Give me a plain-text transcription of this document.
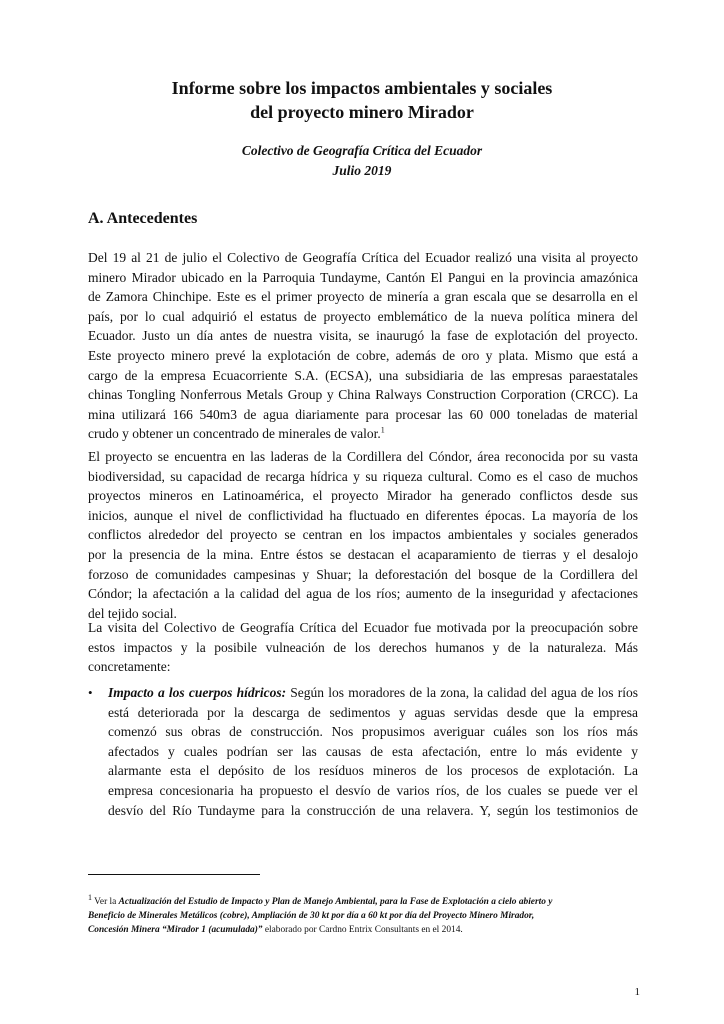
Informe sobre los impactos ambientales y sociales
del proyecto minero Mirador
Colectivo de Geografía Crítica del Ecuador
Julio 2019
A. Antecedentes
Del 19 al 21 de julio el Colectivo de Geografía Crítica del Ecuador realizó una visita al proyecto
minero Mirador ubicado en la Parroquia Tundayme, Cantón El Pangui en la provincia amazónica
de Zamora Chinchipe. Este es el primer proyecto de minería a gran escala que se desarrolla en el
país, por lo cual adquirió el estatus de proyecto emblemático de la nueva política minera del
Ecuador. Justo un día antes de nuestra visita, se inaurugó la fase de explotación del proyecto.
Este proyecto minero prevé la explotación de cobre, además de oro y plata. Mismo que está a
cargo de la empresa Ecuacorriente S.A. (ECSA), una subsidiaria de las empresas paraestatales
chinas Tongling Nonferrous Metals Group y China Ralways Construction Corporation (CRCC). La
mina utilizará 166 540m3 de agua diariamente para procesar las 60 000 toneladas de material
crudo y obtener un concentrado de minerales de valor.$^1$
El proyecto se encuentra en las laderas de la Cordillera del Cóndor, área reconocida por su vasta
biodiversidad, su capacidad de recarga hídrica y su riqueza cultural. Como es el caso de muchos
proyectos mineros en Latinoamérica, el proyecto Mirador ha generado conflictos desde sus
inicios, aunque el nivel de conflictividad ha fluctuado en diferentes épocas. La mayoría de los
conflictos alrededor del proyecto se centran en los impactos ambientales y sociales generados
por la presencia de la mina. Entre éstos se destacan el acaparamiento de tierras y el desalojo
forzoso de comunidades campesinas y Shuar; la deforestación del bosque de la Cordillera del
Cóndor; la afectación a la calidad del agua de los ríos; aumento de la inseguridad y afectaciones
del tejido social.
La visita del Colectivo de Geografía Crítica del Ecuador fue motivada por la preocupación sobre
estos impactos y la posibile vulneación de los derechos humanos y de la naturaleza. Más
concretamente:
•	Impacto a los cuerpos hídricos: Según los moradores de la zona, la calidad del agua de los ríos
está deteriorada por la descarga de sedimentos y aguas servidas desde que la empresa
comenzó sus obras de construcción. Nos propusimos averiguar cuáles son los ríos más
afectados y cuales podrían ser las causas de esta afectación, entre lo más evidente y
alarmante esta el depósito de los resíduos mineros de los procesos de explotación. La
empresa concesionaria ha propuesto el desvío de varios ríos, de los cuales se puede ver el
desvío del Río Tundayme para la construcción de una relavera. Y, según los testimonios de
$^1$ Ver la Actualización del Estudio de Impacto y Plan de Manejo Ambiental, para la Fase de Explotación a cielo abierto y
Beneficio de Minerales Metálicos (cobre), Ampliación de 30 kt por día a 60 kt por día del Proyecto Minero Mirador,
Concesión Minera “Mirador 1 (acumulada)” elaborado por Cardno Entrix Consultants en el 2014.
1
